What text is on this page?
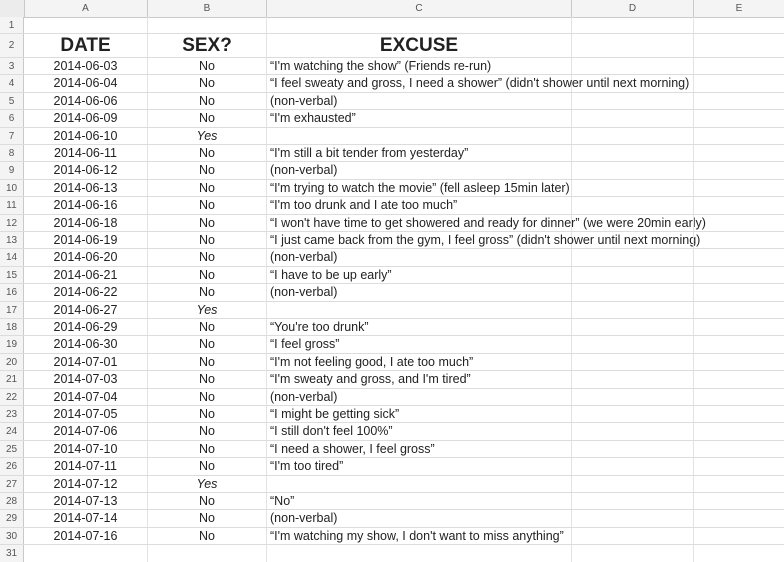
A	B	C	D	E
1
2	DATE	SEX?	EXCUSE
3	2014-06-03	No	“I'm watching the show” (Friends re-run)
4	2014-06-04	No	“I feel sweaty and gross, I need a shower” (didn't shower until next morning)
5	2014-06-06	No	(non-verbal)
6	2014-06-09	No	“I'm exhausted”
7	2014-06-10	Yes
8	2014-06-11	No	“I'm still a bit tender from yesterday”
9	2014-06-12	No	(non-verbal)
10	2014-06-13	No	“I'm trying to watch the movie” (fell asleep 15min later)
11	2014-06-16	No	“I'm too drunk and I ate too much”
12	2014-06-18	No	“I won't have time to get showered and ready for dinner” (we were 20min early)
13	2014-06-19	No	“I just came back from the gym, I feel gross” (didn't shower until next morning)
14	2014-06-20	No	(non-verbal)
15	2014-06-21	No	“I have to be up early”
16	2014-06-22	No	(non-verbal)
17	2014-06-27	Yes
18	2014-06-29	No	“You're too drunk”
19	2014-06-30	No	“I feel gross”
20	2014-07-01	No	“I'm not feeling good, I ate too much”
21	2014-07-03	No	“I'm sweaty and gross, and I'm tired”
22	2014-07-04	No	(non-verbal)
23	2014-07-05	No	“I might be getting sick”
24	2014-07-06	No	“I still don't feel 100%”
25	2014-07-10	No	“I need a shower, I feel gross”
26	2014-07-11	No	“I'm too tired”
27	2014-07-12	Yes
28	2014-07-13	No	“No”
29	2014-07-14	No	(non-verbal)
30	2014-07-16	No	“I'm watching my show, I don't want to miss anything”
31
